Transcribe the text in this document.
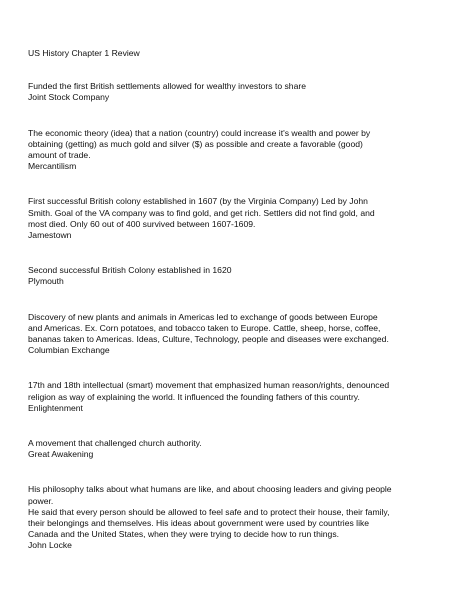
US History Chapter 1 Review

Funded the first British settlements allowed for wealthy investors to share

Joint Stock Company

The economic theory (idea) that a nation (country) could increase it's wealth and power by

obtaining (getting) as much gold and silver ($) as possible and create a favorable (good)

amount of trade.

Mercantilism

First successful British colony established in 1607 (by the Virginia Company) Led by John

Smith. Goal of the VA company was to find gold, and get rich. Settlers did not find gold, and

most died. Only 60 out of 400 survived between 1607-1609.

Jamestown

Second successful British Colony established in 1620

Plymouth

Discovery of new plants and animals in Americas led to exchange of goods between Europe

and Americas. Ex. Corn potatoes, and tobacco taken to Europe. Cattle, sheep, horse, coffee,

bananas taken to Americas. Ideas, Culture, Technology, people and diseases were exchanged.

Columbian Exchange

17th and 18th intellectual (smart) movement that emphasized human reason/rights, denounced

religion as way of explaining the world. It influenced the founding fathers of this country.

Enlightenment

A movement that challenged church authority.

Great Awakening

His philosophy talks about what humans are like, and about choosing leaders and giving people

power.

He said that every person should be allowed to feel safe and to protect their house, their family,

their belongings and themselves. His ideas about government were used by countries like

Canada and the United States, when they were trying to decide how to run things.

John Locke
